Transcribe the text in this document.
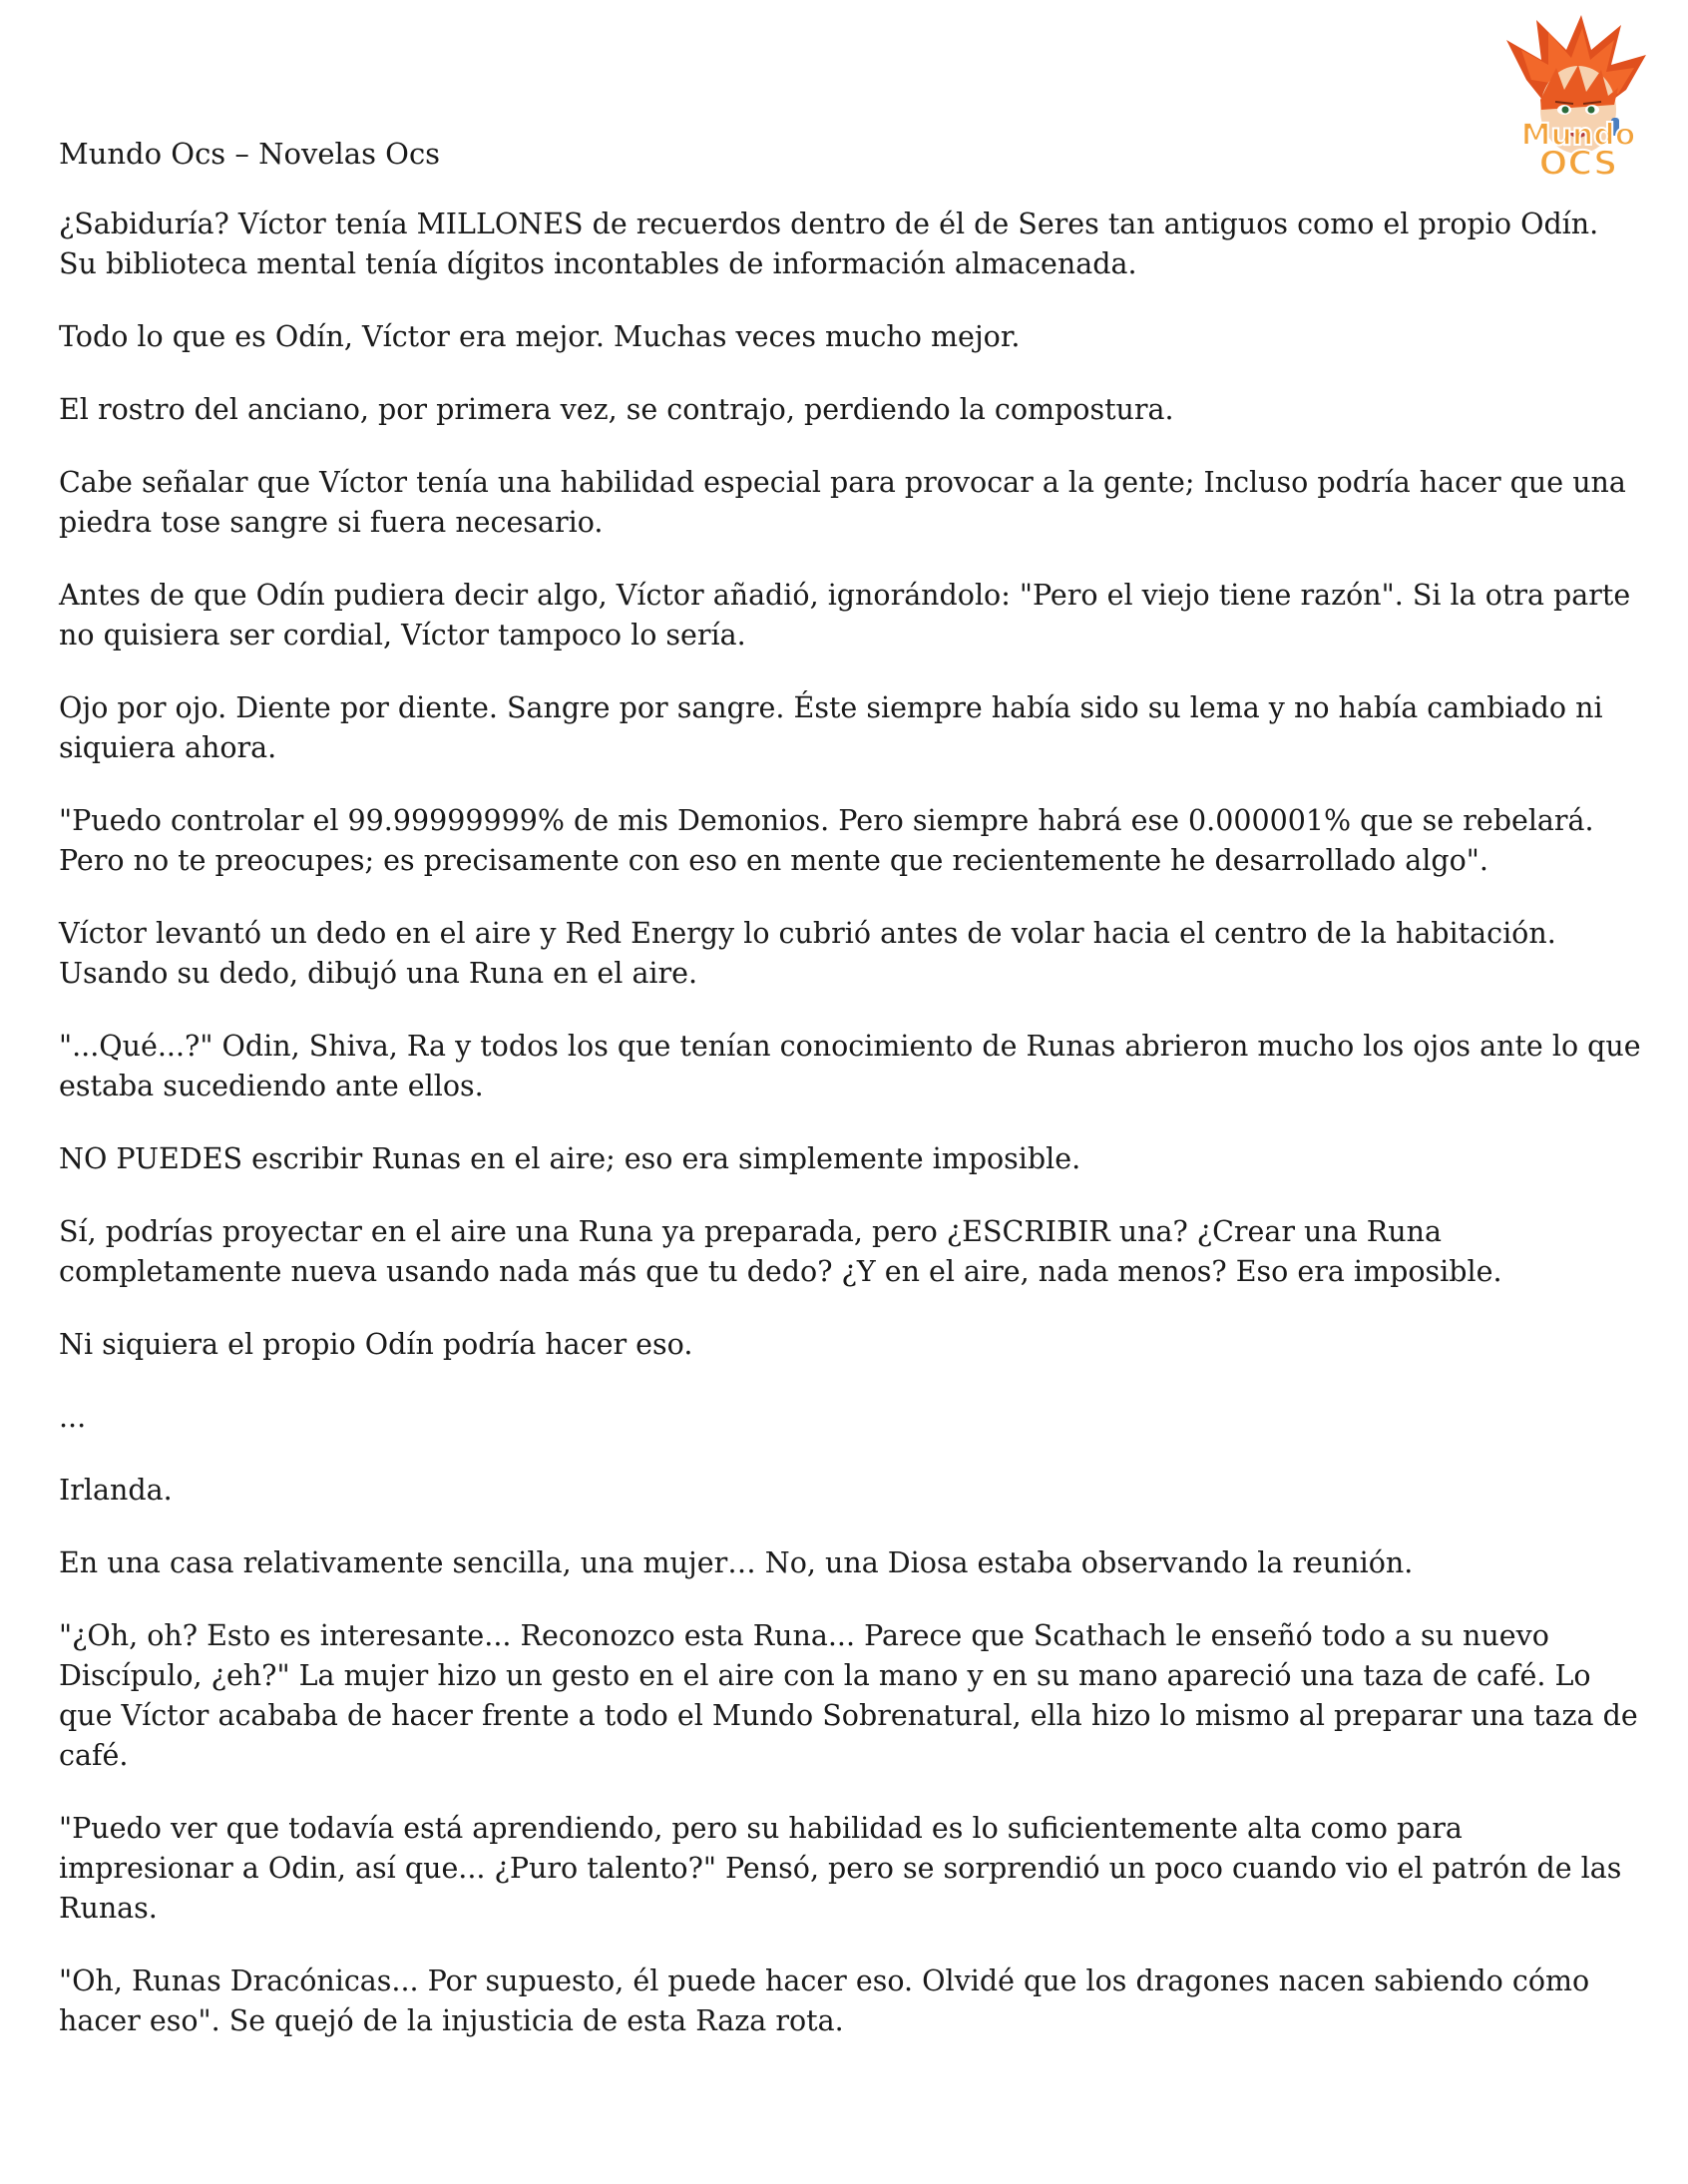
Mundo Ocs – Novelas Ocs
Mundo
OCS

¿Sabiduría? Víctor tenía MILLONES de recuerdos dentro de él de Seres tan antiguos como el propio Odín. Su biblioteca mental tenía dígitos incontables de información almacenada.

Todo lo que es Odín, Víctor era mejor. Muchas veces mucho mejor.

El rostro del anciano, por primera vez, se contrajo, perdiendo la compostura.

Cabe señalar que Víctor tenía una habilidad especial para provocar a la gente; Incluso podría hacer que una piedra tose sangre si fuera necesario.

Antes de que Odín pudiera decir algo, Víctor añadió, ignorándolo: "Pero el viejo tiene razón". Si la otra parte no quisiera ser cordial, Víctor tampoco lo sería.

Ojo por ojo. Diente por diente. Sangre por sangre. Éste siempre había sido su lema y no había cambiado ni siquiera ahora.

"Puedo controlar el 99.99999999% de mis Demonios. Pero siempre habrá ese 0.000001% que se rebelará. Pero no te preocupes; es precisamente con eso en mente que recientemente he desarrollado algo".

Víctor levantó un dedo en el aire y Red Energy lo cubrió antes de volar hacia el centro de la habitación. Usando su dedo, dibujó una Runa en el aire.

"...Qué...?" Odin, Shiva, Ra y todos los que tenían conocimiento de Runas abrieron mucho los ojos ante lo que estaba sucediendo ante ellos.

NO PUEDES escribir Runas en el aire; eso era simplemente imposible.

Sí, podrías proyectar en el aire una Runa ya preparada, pero ¿ESCRIBIR una? ¿Crear una Runa completamente nueva usando nada más que tu dedo? ¿Y en el aire, nada menos? Eso era imposible.

Ni siquiera el propio Odín podría hacer eso.

...

Irlanda.

En una casa relativamente sencilla, una mujer… No, una Diosa estaba observando la reunión.

"¿Oh, oh? Esto es interesante... Reconozco esta Runa... Parece que Scathach le enseñó todo a su nuevo Discípulo, ¿eh?" La mujer hizo un gesto en el aire con la mano y en su mano apareció una taza de café. Lo que Víctor acababa de hacer frente a todo el Mundo Sobrenatural, ella hizo lo mismo al preparar una taza de café.

"Puedo ver que todavía está aprendiendo, pero su habilidad es lo suficientemente alta como para impresionar a Odin, así que... ¿Puro talento?" Pensó, pero se sorprendió un poco cuando vio el patrón de las Runas.

"Oh, Runas Dracónicas... Por supuesto, él puede hacer eso. Olvidé que los dragones nacen sabiendo cómo hacer eso". Se quejó de la injusticia de esta Raza rota.
